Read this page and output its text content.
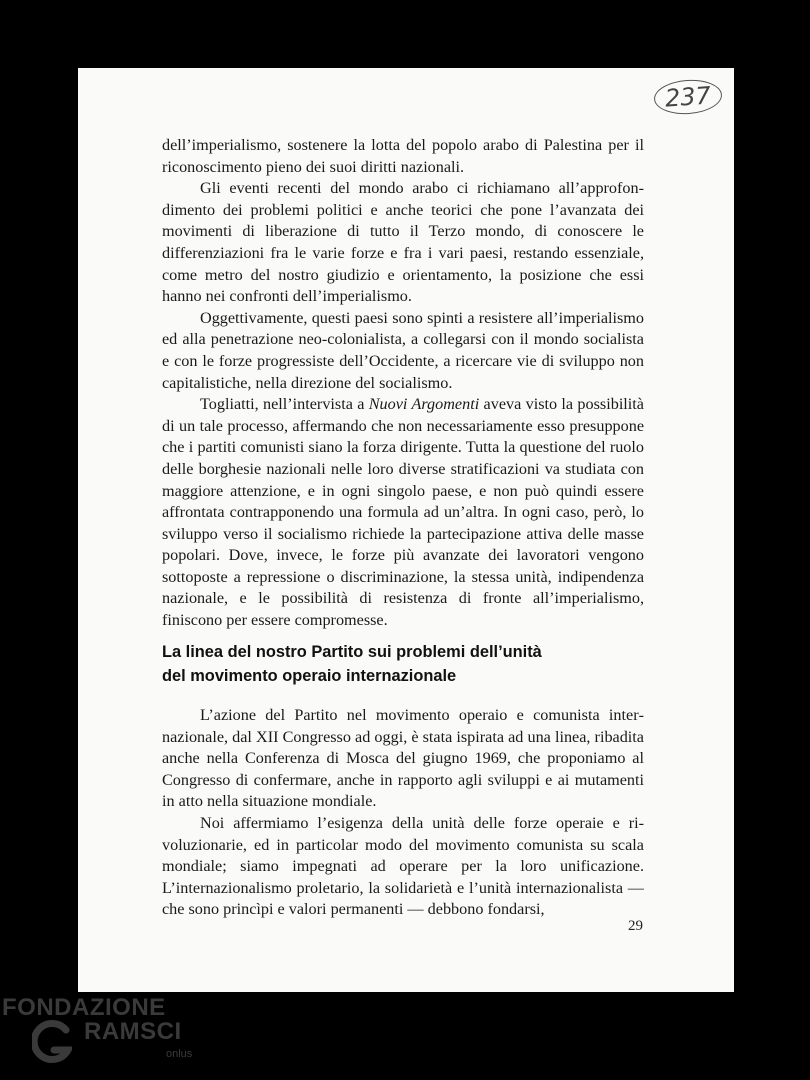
237

dell’imperialismo, sostenere la lotta del popolo arabo di Palestina per il riconoscimento pieno dei suoi diritti nazionali.

Gli eventi recenti del mondo arabo ci richiamano all’approfondimento dei problemi politici e anche teorici che pone l’avanzata dei movimenti di liberazione di tutto il Terzo mondo, di conoscere le differenziazioni fra le varie forze e fra i vari paesi, restando essenziale, come metro del nostro giudizio e orientamento, la posizione che essi hanno nei confronti dell’imperialismo.

Oggettivamente, questi paesi sono spinti a resistere all’imperialismo ed alla penetrazione neo-colonialista, a collegarsi con il mondo socialista e con le forze progressiste dell’Occidente, a ricercare vie di sviluppo non capitalistiche, nella direzione del socialismo.

Togliatti, nell’intervista a Nuovi Argomenti aveva visto la possibilità di un tale processo, affermando che non necessariamente esso presuppone che i partiti comunisti siano la forza dirigente. Tutta la questione del ruolo delle borghesie nazionali nelle loro diverse stratificazioni va studiata con maggiore attenzione, e in ogni singolo paese, e non può quindi essere affrontata contrapponendo una formula ad un’altra. In ogni caso, però, lo sviluppo verso il socialismo richiede la partecipazione attiva delle masse popolari. Dove, invece, le forze più avanzate dei lavoratori vengono sottoposte a repressione o discriminazione, la stessa unità, indipendenza nazionale, e le possibilità di resistenza di fronte all’imperialismo, finiscono per essere compromesse.

La linea del nostro Partito sui problemi dell’unità
del movimento operaio internazionale

L’azione del Partito nel movimento operaio e comunista internazionale, dal XII Congresso ad oggi, è stata ispirata ad una linea, ribadita anche nella Conferenza di Mosca del giugno 1969, che proponiamo al Congresso di confermare, anche in rapporto agli sviluppi e ai mutamenti in atto nella situazione mondiale.

Noi affermiamo l’esigenza della unità delle forze operaie e rivoluzionarie, ed in particolar modo del movimento comunista su scala mondiale; siamo impegnati ad operare per la loro unificazione. L’internazionalismo proletario, la solidarietà e l’unità internazionalista — che sono princìpi e valori permanenti — debbono fondarsi,

29
FONDAZIONE
RAMSCI
onlus
